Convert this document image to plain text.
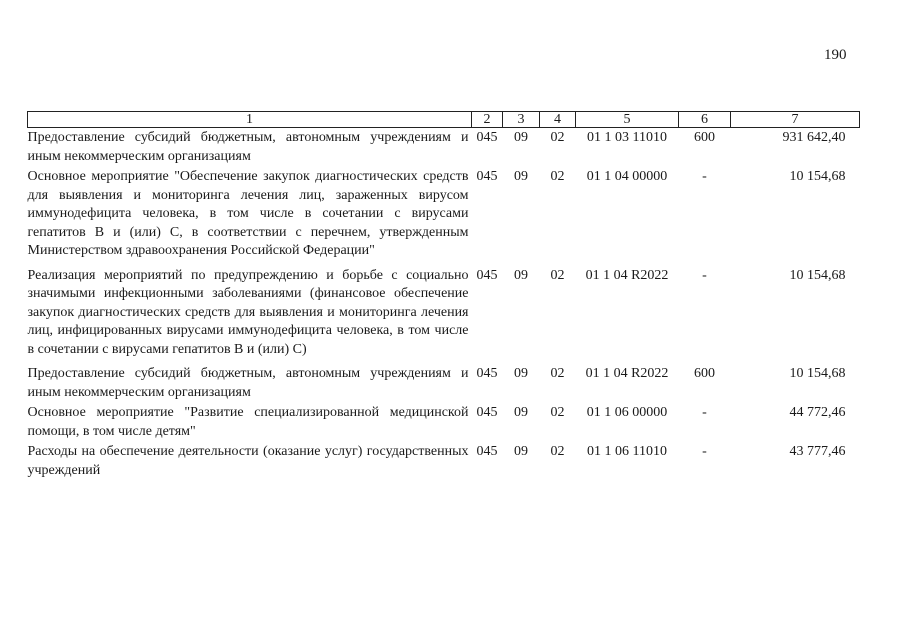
190
1	2	3	4	5	6	7
Предоставление субсидий бюджетным, автономным учреждениям и иным некоммерческим организациям	045	09	02	01 1 03 11010	600	931 642,40
Основное мероприятие "Обеспечение закупок диагностических средств для выявления и мониторинга лечения лиц, зараженных вирусом иммунодефицита человека, в том числе в сочетании с вирусами гепатитов В и (или) С, в соответствии с перечнем, утвержденным Министерством здравоохранения Российской Федерации"	045	09	02	01 1 04 00000	-	10 154,68
Реализация мероприятий по предупреждению и борьбе с социально значимыми инфекционными заболеваниями (финансовое обеспечение закупок диагностических средств для выявления и мониторинга лечения лиц, инфицированных вирусами иммунодефицита человека, в том числе в сочетании с вирусами гепатитов В и (или) С)	045	09	02	01 1 04 R2022	-	10 154,68
Предоставление субсидий бюджетным, автономным учреждениям и иным некоммерческим организациям	045	09	02	01 1 04 R2022	600	10 154,68
Основное мероприятие "Развитие специализированной медицинской помощи, в том числе детям"	045	09	02	01 1 06 00000	-	44 772,46
Расходы на обеспечение деятельности (оказание услуг) государственных учреждений	045	09	02	01 1 06 11010	-	43 777,46
